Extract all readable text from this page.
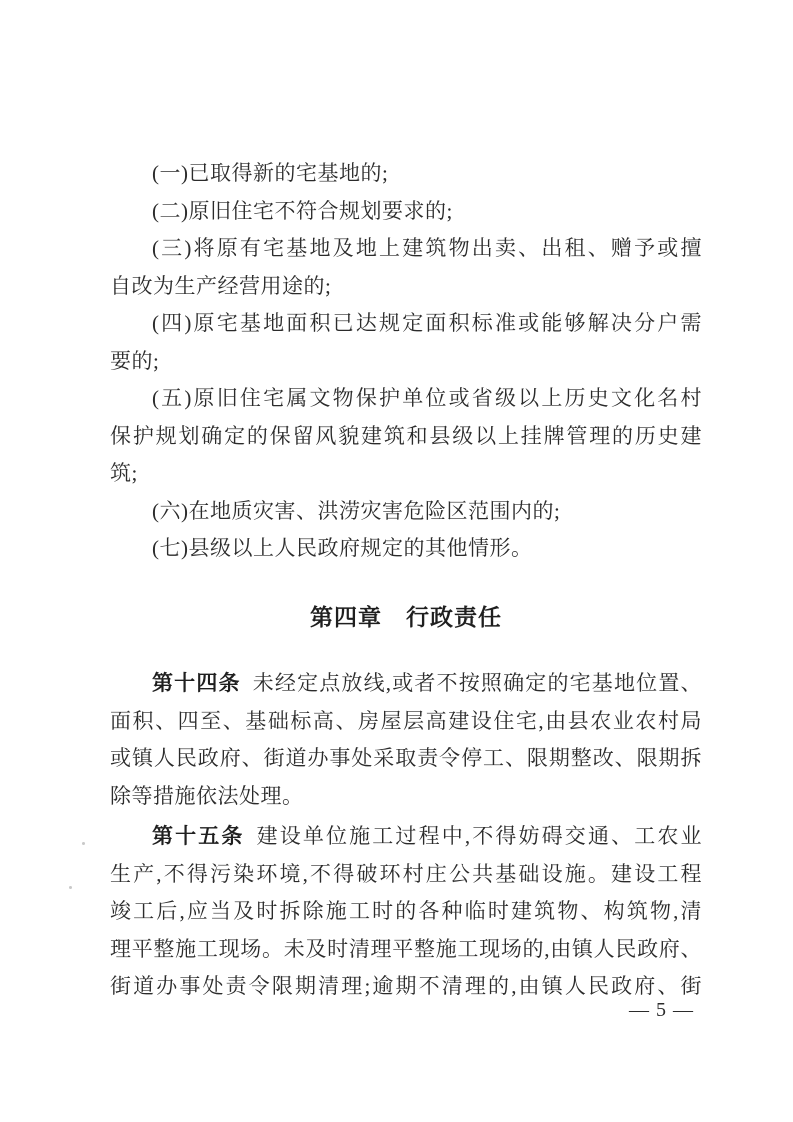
(一)已取得新的宅基地的;
(二)原旧住宅不符合规划要求的;
(三)将原有宅基地及地上建筑物出卖、出租、赠予或擅
自改为生产经营用途的;
(四)原宅基地面积已达规定面积标准或能够解决分户需
要的;
(五)原旧住宅属文物保护单位或省级以上历史文化名村
保护规划确定的保留风貌建筑和县级以上挂牌管理的历史建
筑;
(六)在地质灾害、洪涝灾害危险区范围内的;
(七)县级以上人民政府规定的其他情形。
第四章　行政责任
第十四条 未经定点放线,或者不按照确定的宅基地位置、
面积、四至、基础标高、房屋层高建设住宅,由县农业农村局
或镇人民政府、街道办事处采取责令停工、限期整改、限期拆
除等措施依法处理。
第十五条 建设单位施工过程中,不得妨碍交通、工农业
生产,不得污染环境,不得破环村庄公共基础设施。建设工程
竣工后,应当及时拆除施工时的各种临时建筑物、构筑物,清
理平整施工现场。未及时清理平整施工现场的,由镇人民政府、
街道办事处责令限期清理;逾期不清理的,由镇人民政府、街
— 5 —
